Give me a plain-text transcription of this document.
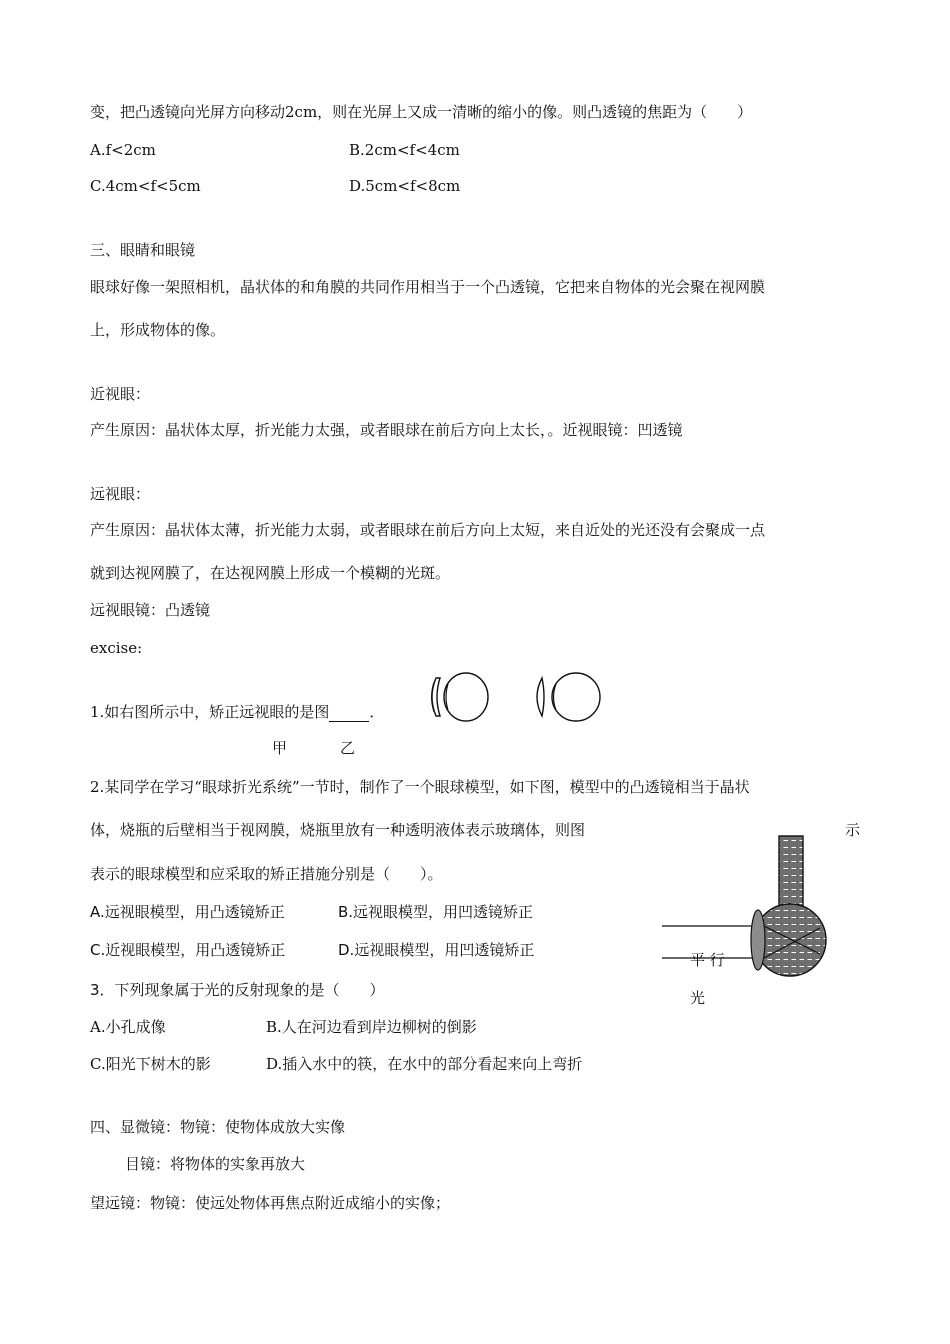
变，把凸透镜向光屏方向移动2cm，则在光屏上又成一清晰的缩小的像。则凸透镜的焦距为（　　）
A.f<2cm	B.2cm<f<4cm
C.4cm<f<5cm	D.5cm<f<8cm
三、眼睛和眼镜
眼球好像一架照相机，晶状体的和角膜的共同作用相当于一个凸透镜，它把来自物体的光会聚在视网膜
上，形成物体的像。
近视眼：
产生原因：晶状体太厚，折光能力太强，或者眼球在前后方向上太长，。近视眼镜：凹透镜
远视眼：
产生原因：晶状体太薄，折光能力太弱，或者眼球在前后方向上太短，来自近处的光还没有会聚成一点
就到达视网膜了，在达视网膜上形成一个模糊的光斑。
远视眼镜：凸透镜
excise:
1.如右图所示中，矫正远视眼的是图	．
甲	乙
2.某同学在学习“眼球折光系统”一节时，制作了一个眼球模型，如下图，模型中的凸透镜相当于晶状
体，烧瓶的后壁相当于视网膜，烧瓶里放有一种透明液体表示玻璃体，则图	示
表示的眼球模型和应采取的矫正措施分别是（　　）。
A.远视眼模型，用凸透镜矫正	B.远视眼模型，用凹透镜矫正
C.近视眼模型，用凸透镜矫正	D.远视眼模型，用凹透镜矫正
平 行
光
3．下列现象属于光的反射现象的是（　　）
A.小孔成像	B.人在河边看到岸边柳树的倒影
C.阳光下树木的影	D.插入水中的筷，在水中的部分看起来向上弯折
四、显微镜：物镜：使物体成放大实像
目镜：将物体的实象再放大
望远镜：物镜：使远处物体再焦点附近成缩小的实像；
